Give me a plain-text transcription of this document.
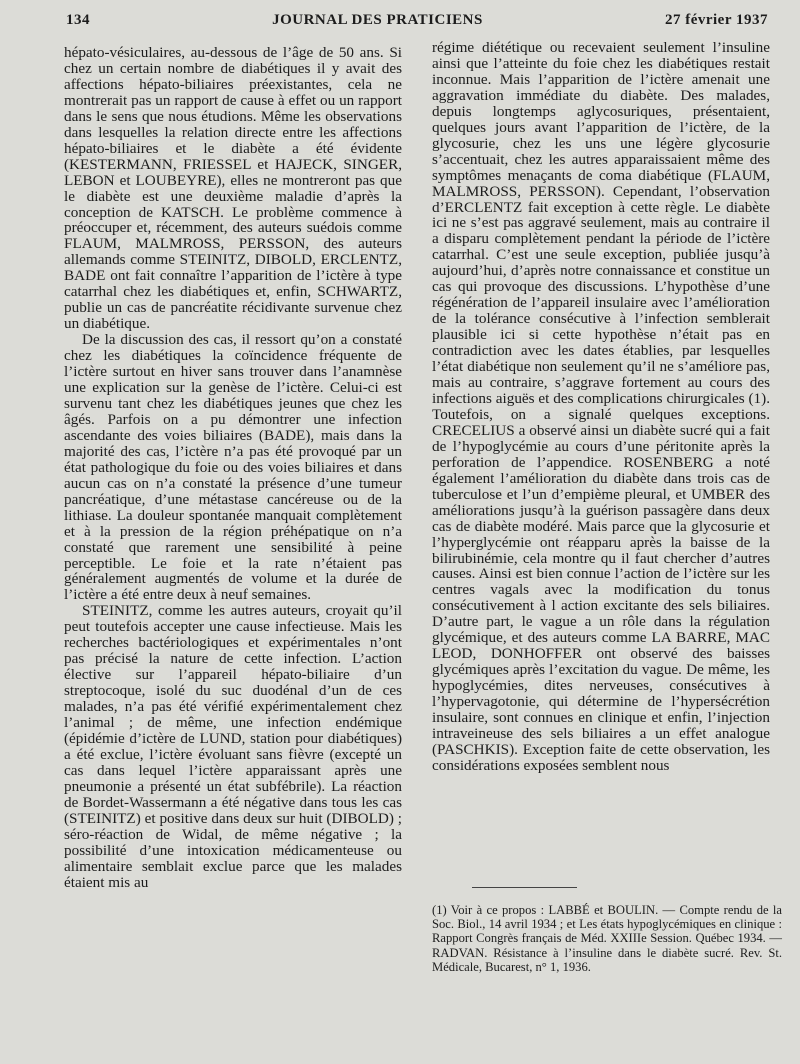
134	JOURNAL DES PRATICIENS	27 février 1937

hépato-vésiculaires, au-dessous de l’âge de 50 ans. Si chez un certain nombre de diabétiques il y avait des affections hépato-biliaires préexistantes, cela ne montrerait pas un rapport de cause à effet ou un rapport dans le sens que nous étudions. Même les observations dans lesquelles la relation directe entre les affections hépato-biliaires et le diabète a été évidente (KESTERMANN, FRIESSEL et HAJECK, SINGER, LEBON et LOUBEYRE), elles ne montreront pas que le diabète est une deuxième maladie d’après la conception de KATSCH. Le problème commence à préoccuper et, récemment, des auteurs suédois comme FLAUM, MALMROSS, PERSSON, des auteurs allemands comme STEINITZ, DIBOLD, ERCLENTZ, BADE ont fait connaître l’apparition de l’ictère à type catarrhal chez les diabétiques et, enfin, SCHWARTZ, publie un cas de pancréatite récidivante survenue chez un diabétique.

De la discussion des cas, il ressort qu’on a constaté chez les diabétiques la coïncidence fréquente de l’ictère surtout en hiver sans trouver dans l’anamnèse une explication sur la genèse de l’ictère. Celui-ci est survenu tant chez les diabétiques jeunes que chez les âgés. Parfois on a pu démontrer une infection ascendante des voies biliaires (BADE), mais dans la majorité des cas, l’ictère n’a pas été provoqué par un état pathologique du foie ou des voies biliaires et dans aucun cas on n’a constaté la présence d’une tumeur pancréatique, d’une métastase cancéreuse ou de la lithiase. La douleur spontanée manquait complètement et à la pression de la région préhépatique on n’a constaté que rarement une sensibilité à peine perceptible. Le foie et la rate n’étaient pas généralement augmentés de volume et la durée de l’ictère a été entre deux à neuf semaines.

STEINITZ, comme les autres auteurs, croyait qu’il peut toutefois accepter une cause infectieuse. Mais les recherches bactériologiques et expérimentales n’ont pas précisé la nature de cette infection. L’action élective sur l’appareil hépato-biliaire d’un streptocoque, isolé du suc duodénal d’un de ces malades, n’a pas été vérifié expérimentalement chez l’animal ; de même, une infection endémique (épidémie d’ictère de LUND, station pour diabétiques) a été exclue, l’ictère évoluant sans fièvre (excepté un cas dans lequel l’ictère apparaissant après une pneumonie a présenté un état subfébrile). La réaction de Bordet-Wassermann a été négative dans tous les cas (STEINITZ) et positive dans deux sur huit (DIBOLD) ; séro-réaction de Widal, de même négative ; la possibilité d’une intoxication médicamenteuse ou alimentaire semblait exclue parce que les malades étaient mis au

régime diététique ou recevaient seulement l’insuline ainsi que l’atteinte du foie chez les diabétiques restait inconnue. Mais l’apparition de l’ictère amenait une aggravation immédiate du diabète. Des malades, depuis longtemps aglycosuriques, présentaient, quelques jours avant l’apparition de l’ictère, de la glycosurie, chez les uns une légère glycosurie s’accentuait, chez les autres apparaissaient même des symptômes menaçants de coma diabétique (FLAUM, MALMROSS, PERSSON). Cependant, l’observation d’ERCLENTZ fait exception à cette règle. Le diabète ici ne s’est pas aggravé seulement, mais au contraire il a disparu complètement pendant la période de l’ictère catarrhal. C’est une seule exception, publiée jusqu’à aujourd’hui, d’après notre connaissance et constitue un cas qui provoque des discussions. L’hypothèse d’une régénération de l’appareil insulaire avec l’amélioration de la tolérance consécutive à l’infection semblerait plausible ici si cette hypothèse n’était pas en contradiction avec les dates établies, par lesquelles l’état diabétique non seulement qu’il ne s’améliore pas, mais au contraire, s’aggrave fortement au cours des infections aiguës et des complications chirurgicales (1). Toutefois, on a signalé quelques exceptions. CRECELIUS a observé ainsi un diabète sucré qui a fait de l’hypoglycémie au cours d’une péritonite après la perforation de l’appendice. ROSENBERG a noté également l’amélioration du diabète dans trois cas de tuberculose et l’un d’empième pleural, et UMBER des améliorations jusqu’à la guérison passagère dans deux cas de diabète modéré. Mais parce que la glycosurie et l’hyperglycémie ont réapparu après la baisse de la bilirubinémie, cela montre qu il faut chercher d’autres causes. Ainsi est bien connue l’action de l’ictère sur les centres vagals avec la modification du tonus consécutivement à l action excitante des sels biliaires. D’autre part, le vague a un rôle dans la régulation glycémique, et des auteurs comme LA BARRE, MAC LEOD, DONHOFFER ont observé des baisses glycémiques après l’excitation du vague. De même, les hypoglycémies, dites nerveuses, consécutives à l’hypervagotonie, qui détermine de l’hypersécrétion insulaire, sont connues en clinique et enfin, l’injection intraveineuse des sels biliaires a un effet analogue (PASCHKIS). Exception faite de cette observation, les considérations exposées semblent nous

(1) Voir à ce propos : LABBÉ et BOULIN. — Compte rendu de la Soc. Biol., 14 avril 1934 ; et Les états hypoglycémiques en clinique : Rapport Congrès français de Méd. XXIIIe Session. Québec 1934. — RADVAN. Résistance à l’insuline dans le diabète sucré. Rev. St. Médicale, Bucarest, n° 1, 1936.
